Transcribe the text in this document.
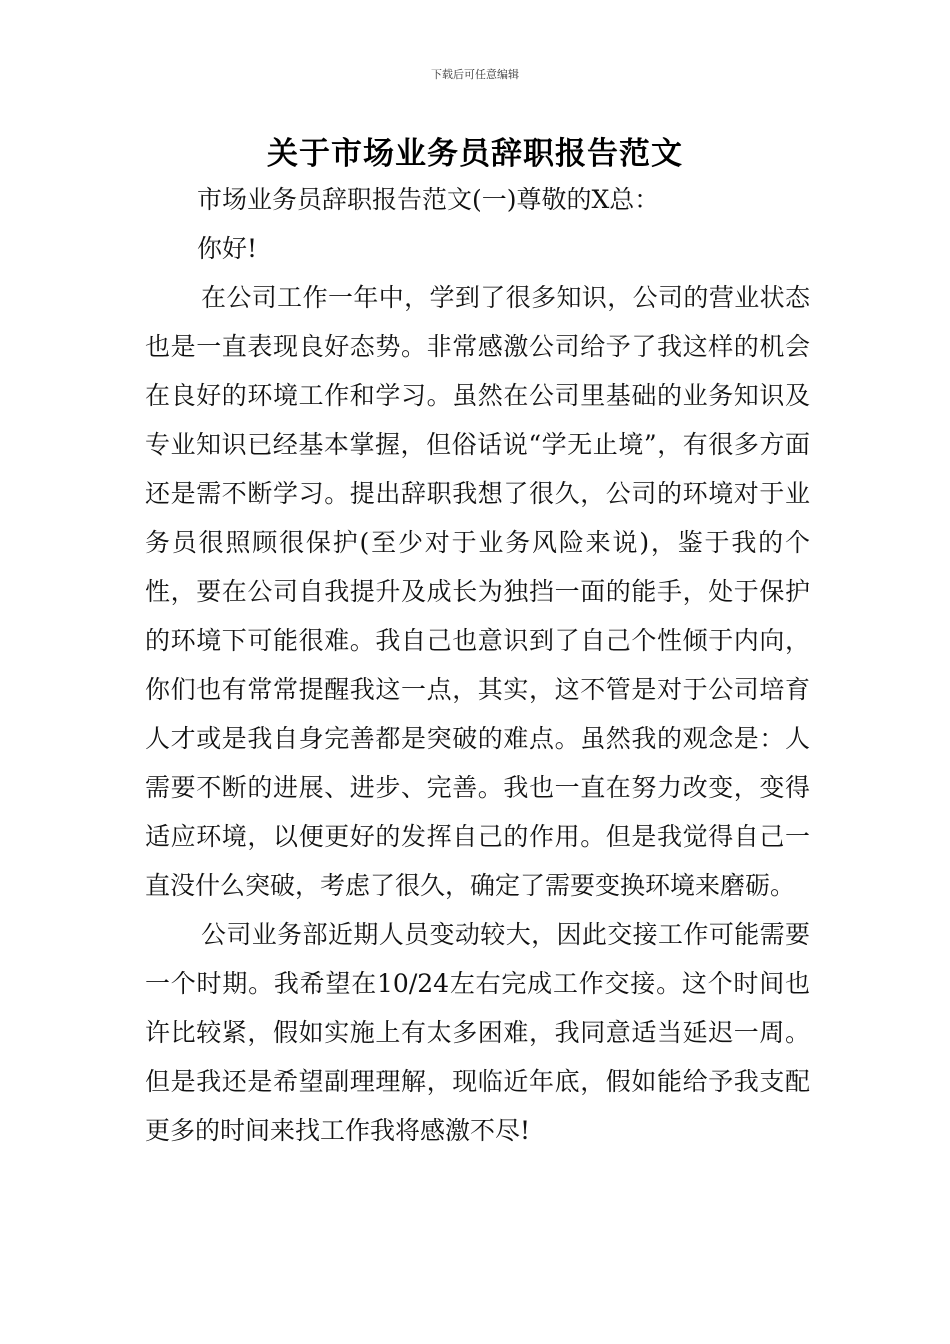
下载后可任意编辑
关于市场业务员辞职报告范文

市场业务员辞职报告范文(一)尊敬的X总：

你好!

在公司工作一年中，学到了很多知识，公司的营业状态也是一直表现良好态势。非常感激公司给予了我这样的机会在良好的环境工作和学习。虽然在公司里基础的业务知识及专业知识已经基本掌握，但俗话说“学无止境”，有很多方面还是需不断学习。提出辞职我想了很久，公司的环境对于业务员很照顾很保护(至少对于业务风险来说)，鉴于我的个性，要在公司自我提升及成长为独挡一面的能手，处于保护的环境下可能很难。我自己也意识到了自己个性倾于内向，你们也有常常提醒我这一点，其实，这不管是对于公司培育人才或是我自身完善都是突破的难点。虽然我的观念是：人需要不断的进展、进步、完善。我也一直在努力改变，变得适应环境，以便更好的发挥自己的作用。但是我觉得自己一直没什么突破，考虑了很久，确定了需要变换环境来磨砺。

公司业务部近期人员变动较大，因此交接工作可能需要一个时期。我希望在10/24左右完成工作交接。这个时间也许比较紧，假如实施上有太多困难，我同意适当延迟一周。但是我还是希望副理理解，现临近年底，假如能给予我支配更多的时间来找工作我将感激不尽!
